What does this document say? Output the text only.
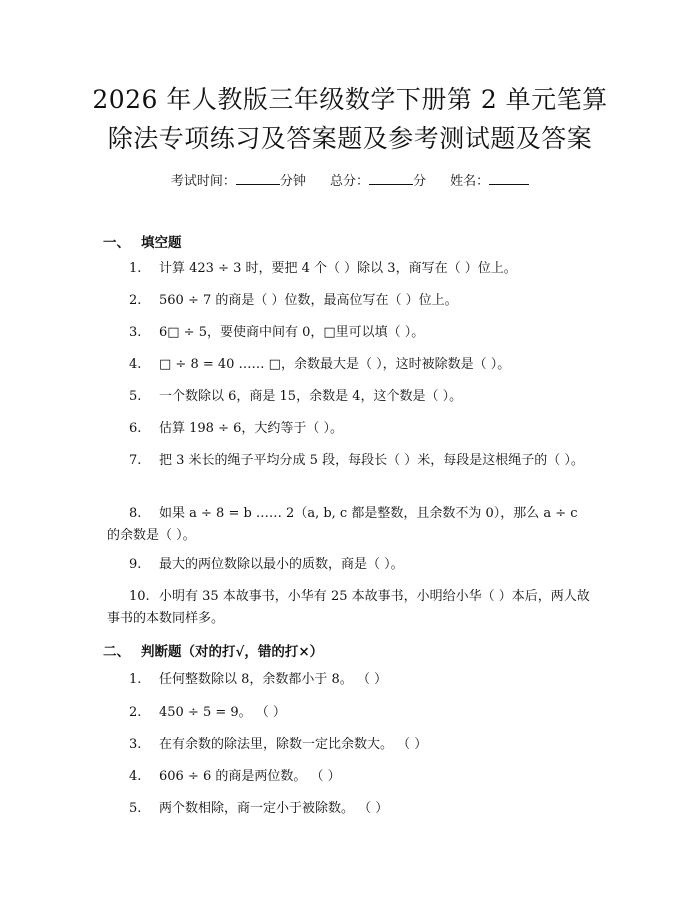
2026 年人教版三年级数学下册第 2 单元笔算
除法专项练习及答案题及参考测试题及答案
考试时间：	分钟 总分：	分 姓名：
一、 填空题
1. 计算 423 ÷ 3 时，要把 4 个（ ）除以 3，商写在（ ）位上。
2. 560 ÷ 7 的商是（ ）位数，最高位写在（ ）位上。
3. 6□ ÷ 5，要使商中间有 0，□里可以填（ ）。
4. □ ÷ 8 = 40 …… □，余数最大是（ ），这时被除数是（ ）。
5. 一个数除以 6，商是 15，余数是 4，这个数是（ ）。
6. 估算 198 ÷ 6，大约等于（ ）。
7. 把 3 米长的绳子平均分成 5 段，每段长（ ）米，每段是这根绳子的（ ）。
8. 如果 a ÷ 8 = b …… 2（a, b, c 都是整数，且余数不为 0），那么 a ÷ c 的余数是（ ）。
9. 最大的两位数除以最小的质数，商是（ ）。
10. 小明有 35 本故事书，小华有 25 本故事书，小明给小华（ ）本后，两人故事书的本数同样多。
二、 判断题（对的打√，错的打×）
1. 任何整数除以 8，余数都小于 8。 （ ）
2. 450 ÷ 5 = 9。 （ ）
3. 在有余数的除法里，除数一定比余数大。 （ ）
4. 606 ÷ 6 的商是两位数。 （ ）
5. 两个数相除，商一定小于被除数。 （ ）
